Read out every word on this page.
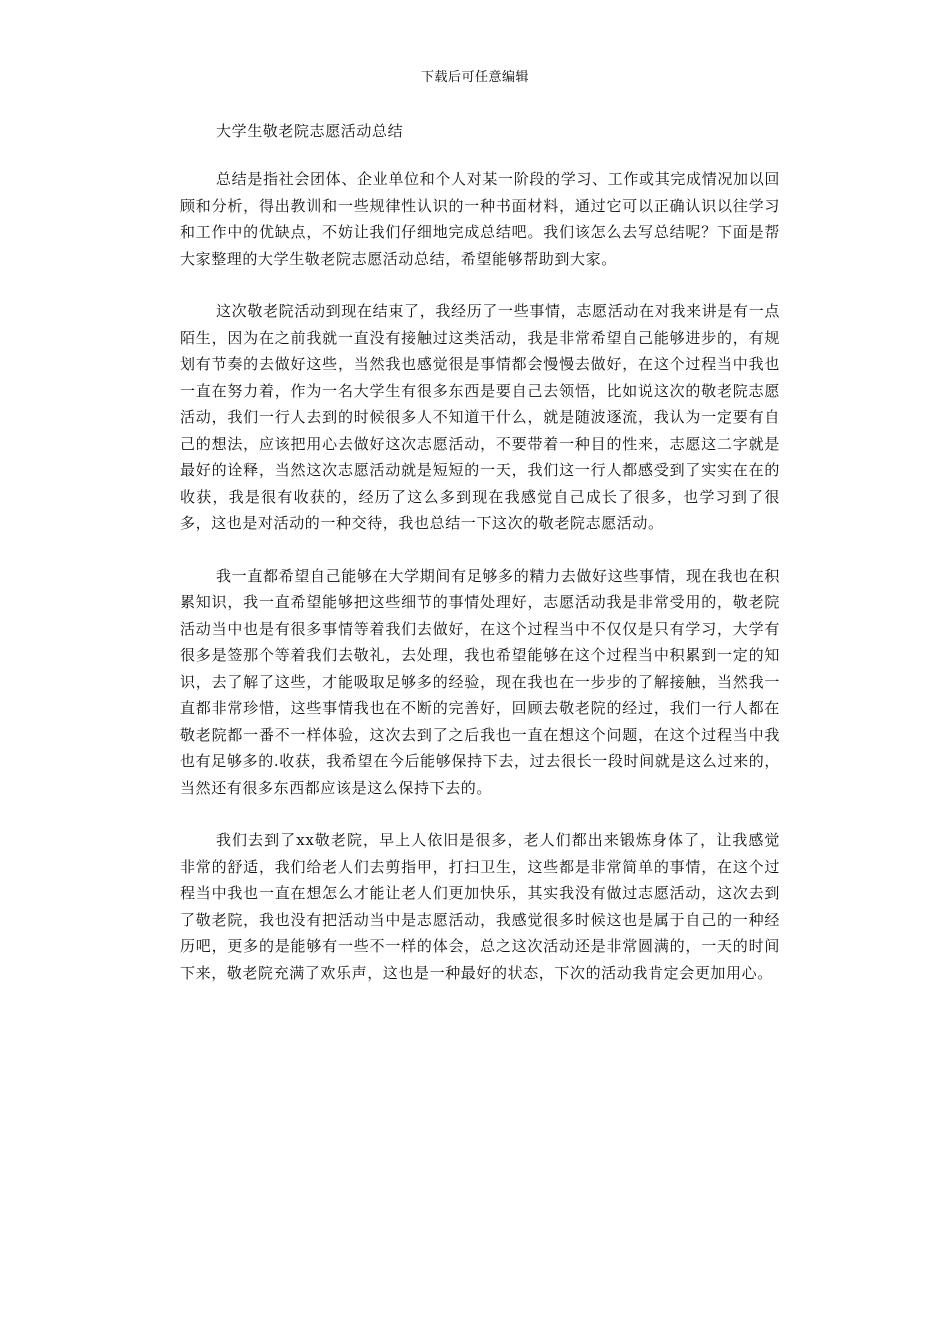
下载后可任意编辑
大学生敬老院志愿活动总结

总结是指社会团体、企业单位和个人对某一阶段的学习、工作或其完成情况加以回顾和分析，得出教训和一些规律性认识的一种书面材料，通过它可以正确认识以往学习和工作中的优缺点，不妨让我们仔细地完成总结吧。我们该怎么去写总结呢？下面是帮大家整理的大学生敬老院志愿活动总结，希望能够帮助到大家。

这次敬老院活动到现在结束了，我经历了一些事情，志愿活动在对我来讲是有一点陌生，因为在之前我就一直没有接触过这类活动，我是非常希望自己能够进步的，有规划有节奏的去做好这些，当然我也感觉很是事情都会慢慢去做好，在这个过程当中我也一直在努力着，作为一名大学生有很多东西是要自己去领悟，比如说这次的敬老院志愿活动，我们一行人去到的时候很多人不知道干什么，就是随波逐流，我认为一定要有自己的想法，应该把用心去做好这次志愿活动，不要带着一种目的性来，志愿这二字就是最好的诠释，当然这次志愿活动就是短短的一天，我们这一行人都感受到了实实在在的收获，我是很有收获的，经历了这么多到现在我感觉自己成长了很多，也学习到了很多，这也是对活动的一种交待，我也总结一下这次的敬老院志愿活动。

我一直都希望自己能够在大学期间有足够多的精力去做好这些事情，现在我也在积累知识，我一直希望能够把这些细节的事情处理好，志愿活动我是非常受用的，敬老院活动当中也是有很多事情等着我们去做好，在这个过程当中不仅仅是只有学习，大学有很多是签那个等着我们去敬礼，去处理，我也希望能够在这个过程当中积累到一定的知识，去了解了这些，才能吸取足够多的经验，现在我也在一步步的了解接触，当然我一直都非常珍惜，这些事情我也在不断的完善好，回顾去敬老院的经过，我们一行人都在敬老院都一番不一样体验，这次去到了之后我也一直在想这个问题，在这个过程当中我也有足够多的.收获，我希望在今后能够保持下去，过去很长一段时间就是这么过来的，当然还有很多东西都应该是这么保持下去的。

我们去到了xx敬老院，早上人依旧是很多，老人们都出来锻炼身体了，让我感觉非常的舒适，我们给老人们去剪指甲，打扫卫生，这些都是非常简单的事情，在这个过程当中我也一直在想怎么才能让老人们更加快乐，其实我没有做过志愿活动，这次去到了敬老院，我也没有把活动当中是志愿活动，我感觉很多时候这也是属于自己的一种经历吧，更多的是能够有一些不一样的体会，总之这次活动还是非常圆满的，一天的时间下来，敬老院充满了欢乐声，这也是一种最好的状态，下次的活动我肯定会更加用心。
